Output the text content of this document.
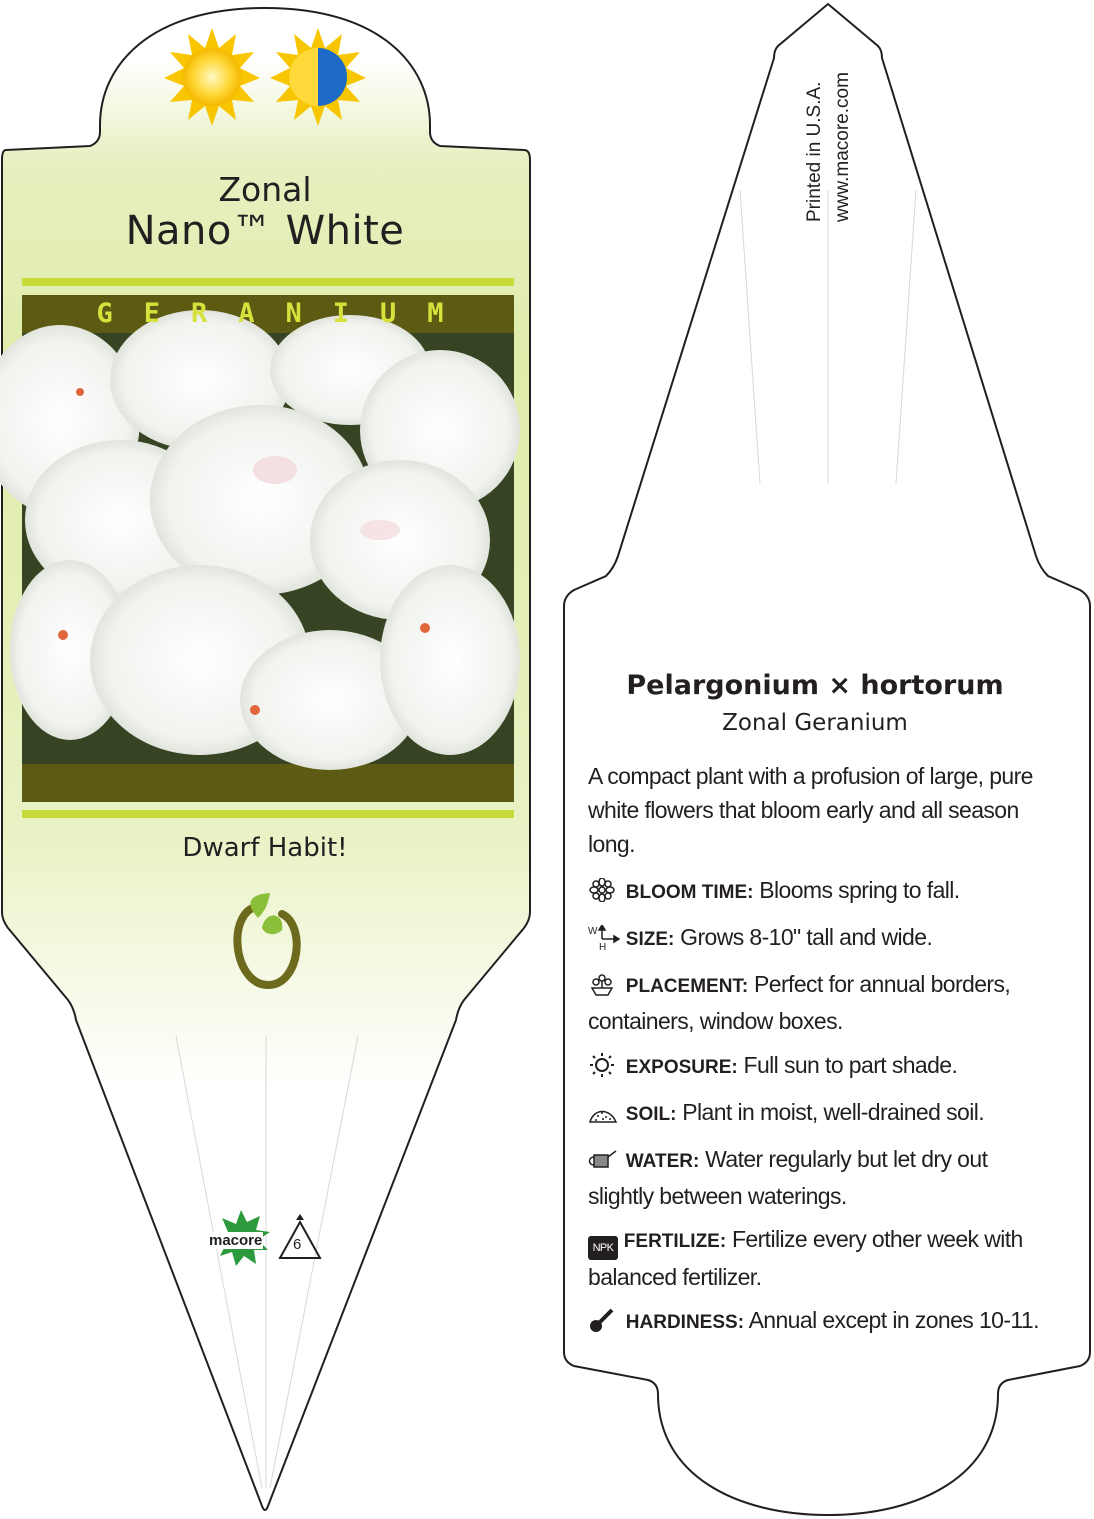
Zonal
Nano™ White
GERANIUM
Dwarf Habit!
macore 6
Printed in U.S.A. www.macore.com
Pelargonium × hortorum
Zonal Geranium

A compact plant with a profusion of large, pure white flowers that bloom early and all season long.

BLOOM TIME: Blooms spring to fall.

W
H SIZE: Grows 8-10" tall and wide.

PLACEMENT: Perfect for annual borders, containers, window boxes.

EXPOSURE: Full sun to part shade.

SOIL: Plant in moist, well-drained soil.

WATER: Water regularly but let dry out slightly between waterings.

NPK FERTILIZE: Fertilize every other week with balanced fertilizer.

HARDINESS: Annual except in zones 10-11.
